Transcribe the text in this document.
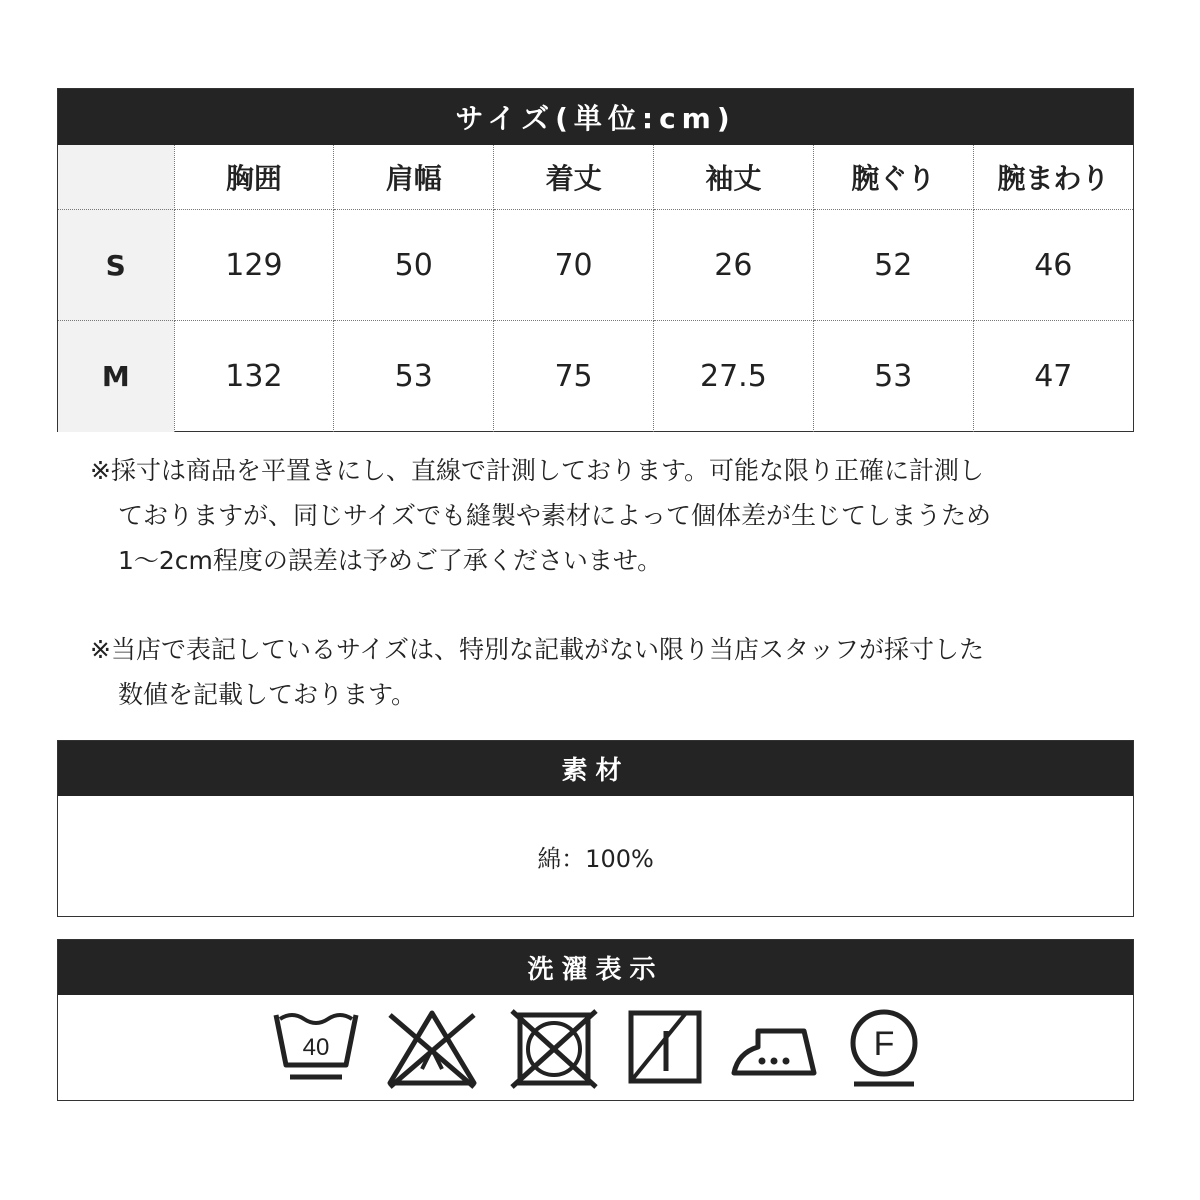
サイズ(単位:cm)
	胸囲	肩幅	着丈	袖丈	腕ぐり	腕まわり
S	129	50	70	26	52	46
M	132	53	75	27.5	53	47
※採寸は商品を平置きにし、直線で計測しております。可能な限り正確に計測し
ておりますが、同じサイズでも縫製や素材によって個体差が生じてしまうため
1～2cm程度の誤差は予めご了承くださいませ。
※当店で表記しているサイズは、特別な記載がない限り当店スタッフが採寸した
数値を記載しております。
素材
綿：100%
洗濯表示
40	F
